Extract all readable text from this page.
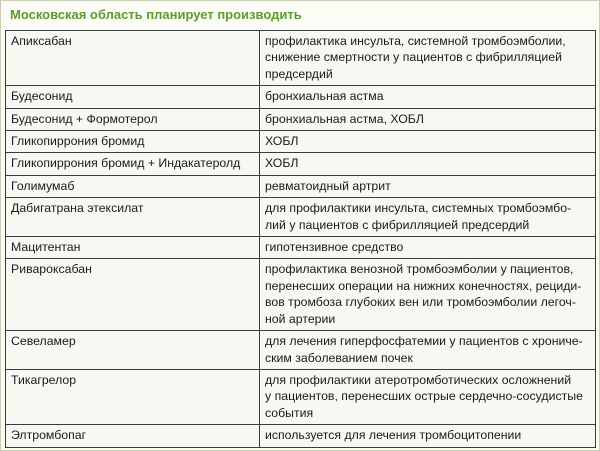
Московская область планирует производить
Апиксабан	профилактика инсульта, системной тромбоэмболии,
снижение смертности у пациентов с фибрилляцией
предсердий

Будесонид	бронхиальная астма

Будесонид + Формотерол	бронхиальная астма, ХОБЛ

Гликопиррония бромид	ХОБЛ

Гликопиррония бромид + Индакатеролд	ХОБЛ

Голимумаб	ревматоидный артрит

Дабигатрана этексилат	для профилактики инсульта, системных тромбоэмбо-
лий у пациентов с фибрилляцией предсердий

Мацитентан	гипотензивное средство

Ривароксабан	профилактика венозной тромбоэмболии у пациентов,
перенесших операции на нижних конечностях, рециди-
вов тромбоза глубоких вен или тромбоэмболии легоч-
ной артерии

Севеламер	для лечения гиперфосфатемии у пациентов с хрониче-
ским заболеванием почек

Тикагрелор	для профилактики атеротромботических осложнений
у пациентов, перенесших острые сердечно-сосудистые
события

Элтромбопаг	используется для лечения тромбоцитопении
